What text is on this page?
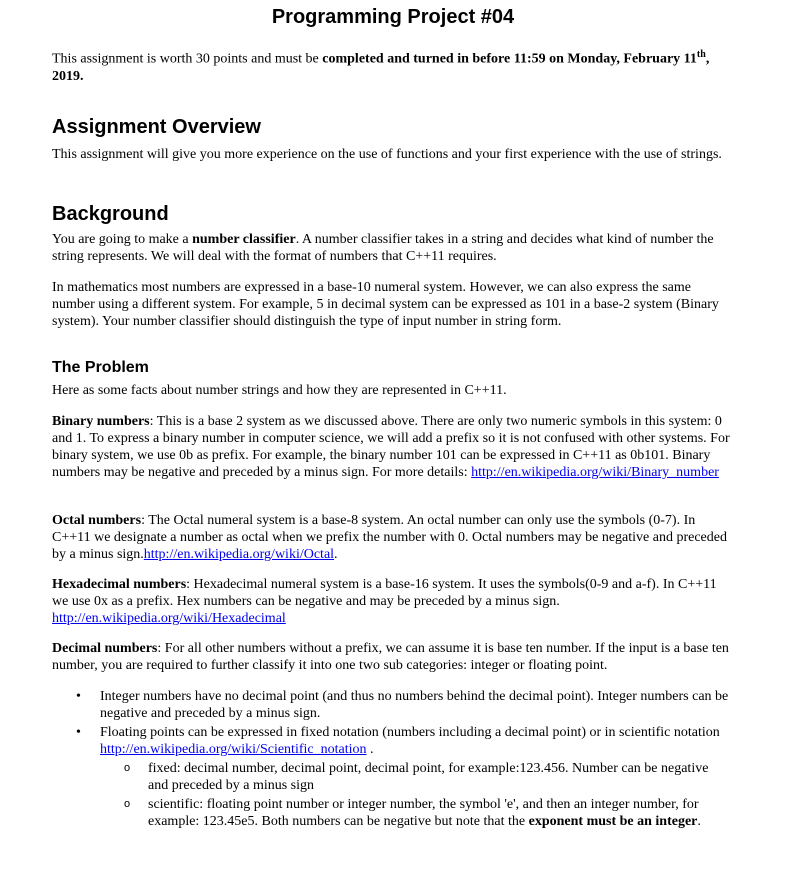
Programming Project #04
This assignment is worth 30 points and must be completed and turned in before 11:59 on Monday, February 11th, 2019.
Assignment Overview
This assignment will give you more experience on the use of functions and your first experience with the use of strings.
Background
You are going to make a number classifier. A number classifier takes in a string and decides what kind of number the string represents. We will deal with the format of numbers that C++11 requires.
In mathematics most numbers are expressed in a base-10 numeral system. However, we can also express the same number using a different system. For example, 5 in decimal system can be expressed as 101 in a base-2 system (Binary system). Your number classifier should distinguish the type of input number in string form.
The Problem
Here as some facts about number strings and how they are represented in C++11.
Binary numbers: This is a base 2 system as we discussed above. There are only two numeric symbols in this system: 0 and 1. To express a binary number in computer science, we will add a prefix so it is not confused with other systems. For binary system, we use 0b as prefix. For example, the binary number 101 can be expressed in C++11 as 0b101. Binary numbers may be negative and preceded by a minus sign. For more details: http://en.wikipedia.org/wiki/Binary_number
Octal numbers: The Octal numeral system is a base-8 system. An octal number can only use the symbols (0-7). In C++11 we designate a number as octal when we prefix the number with 0. Octal numbers may be negative and preceded by a minus sign.http://en.wikipedia.org/wiki/Octal.
Hexadecimal numbers: Hexadecimal numeral system is a base-16 system. It uses the symbols(0-9 and a-f). In C++11 we use 0x as a prefix. Hex numbers can be negative and may be preceded by a minus sign. http://en.wikipedia.org/wiki/Hexadecimal
Decimal numbers: For all other numbers without a prefix, we can assume it is base ten number. If the input is a base ten number, you are required to further classify it into one two sub categories: integer or floating point.
• Integer numbers have no decimal point (and thus no numbers behind the decimal point). Integer numbers can be negative and preceded by a minus sign.
• Floating points can be expressed in fixed notation (numbers including a decimal point) or in scientific notation http://en.wikipedia.org/wiki/Scientific_notation .
o fixed: decimal number, decimal point, decimal point, for example:123.456. Number can be negative and preceded by a minus sign
o scientific: floating point number or integer number, the symbol 'e', and then an integer number, for example: 123.45e5. Both numbers can be negative but note that the exponent must be an integer.
